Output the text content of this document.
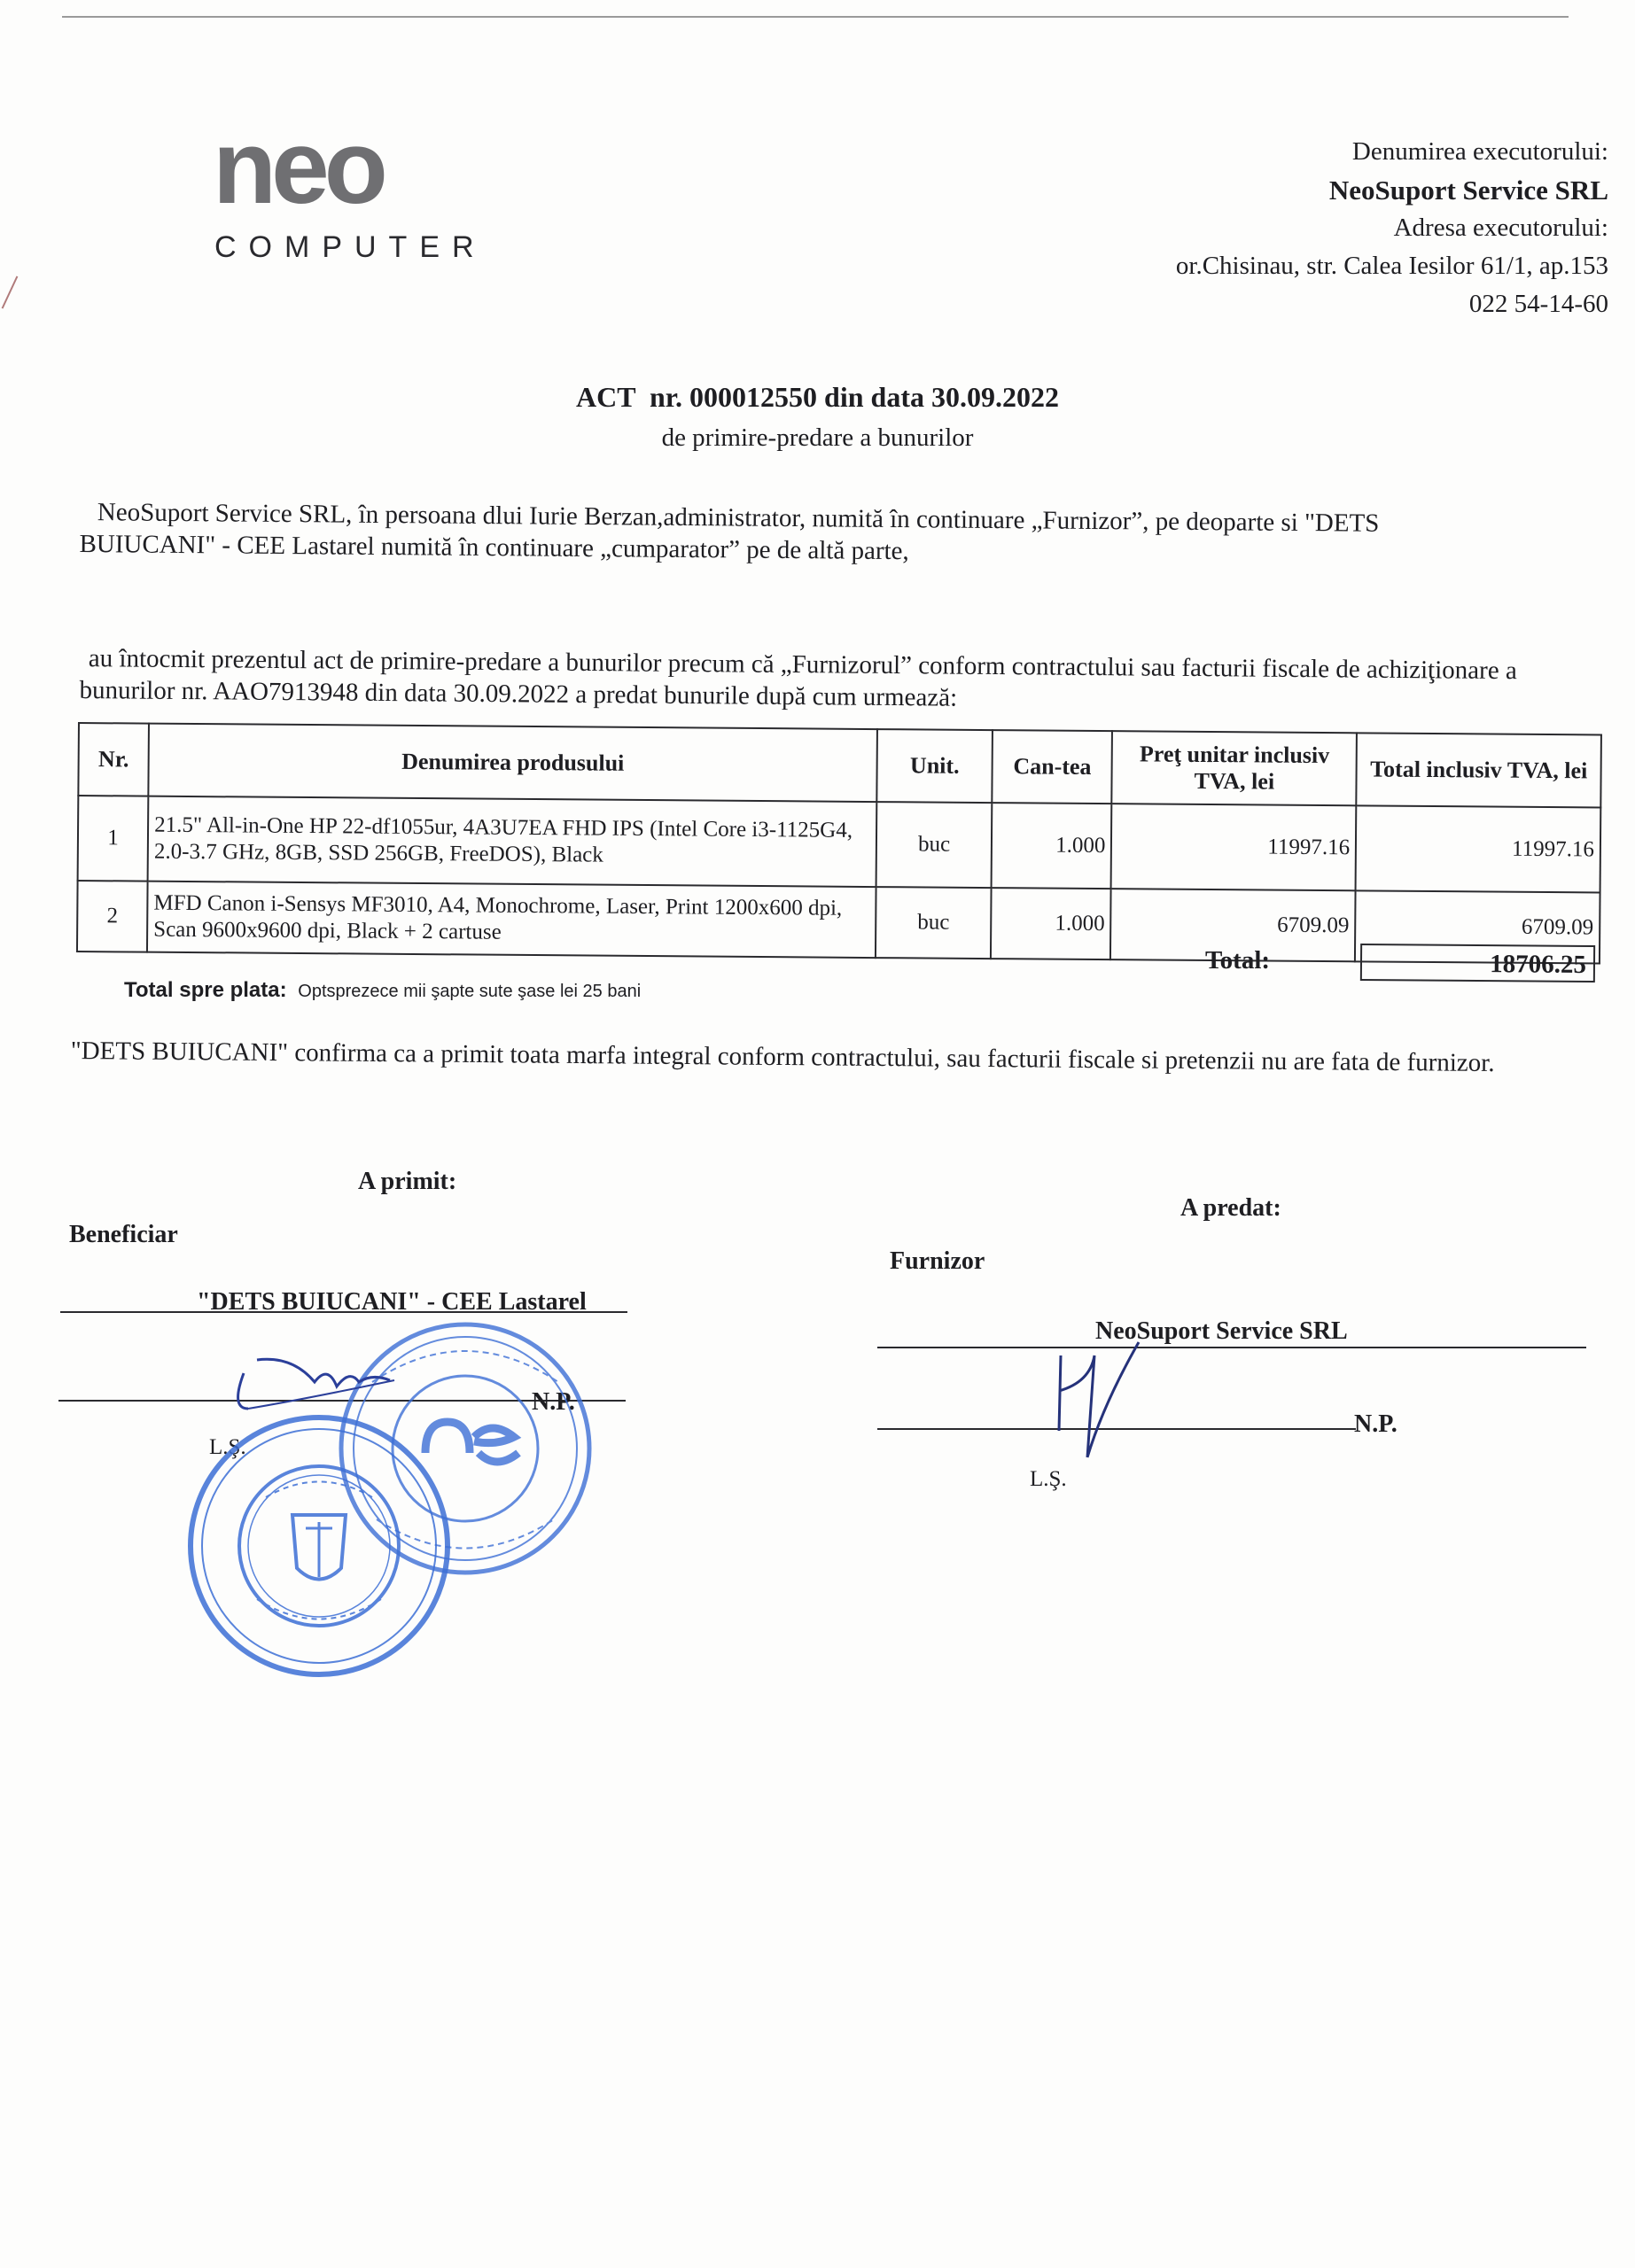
neo
COMPUTER
Denumirea executorului:
NeoSuport Service SRL
Adresa executorului:
or.Chisinau, str. Calea Iesilor 61/1, ap.153
022 54-14-60
ACT  nr. 000012550 din data 30.09.2022
de primire-predare a bunurilor
NeoSuport Service SRL, în persoana dlui Iurie Berzan,administrator, numită în continuare „Furnizor”, pe deoparte si "DETS BUIUCANI" - CEE Lastarel numită în continuare „cumparator” pe de altă parte,
au întocmit prezentul act de primire-predare a bunurilor precum că „Furnizorul” conform contractului sau facturii fiscale de achiziţionare a bunurilor nr. AAO7913948 din data 30.09.2022 a predat bunurile după cum urmează:
Nr.	Denumirea produsului	Unit.	Can-tea	Preţ unitar inclusiv TVA, lei	Total inclusiv TVA, lei
1	21.5" All-in-One HP 22-df1055ur, 4A3U7EA FHD IPS (Intel Core i3-1125G4, 2.0-3.7 GHz, 8GB, SSD 256GB, FreeDOS), Black	buc	1.000	11997.16	11997.16
2	MFD Canon i-Sensys MF3010, A4, Monochrome, Laser, Print 1200x600 dpi, Scan 9600x9600 dpi, Black + 2 cartuse	buc	1.000	6709.09	6709.09
Total:	18706.25
Total spre plata: Optsprezece mii şapte sute şase lei 25 bani
"DETS BUIUCANI" confirma ca a primit toata marfa integral conform contractului, sau facturii fiscale si pretenzii nu are fata de furnizor.
A primit:
Beneficiar
A predat:
Furnizor
"DETS BUIUCANI" - CEE Lastarel
N.P.
L.Ş.
NeoSuport Service SRL
N.P.
L.Ş.
